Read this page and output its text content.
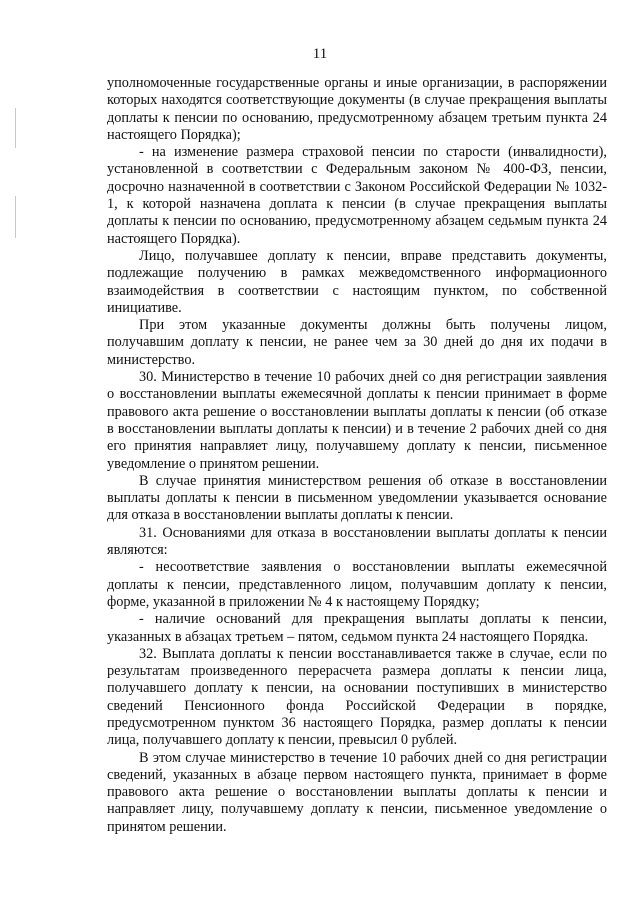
11

уполномоченные государственные органы и иные организации, в распоряжении которых находятся соответствующие документы (в случае прекращения выплаты доплаты к пенсии по основанию, предусмотренному абзацем третьим пункта 24 настоящего Порядка);

- на изменение размера страховой пенсии по старости (инвалидности), установленной в соответствии с Федеральным законом № 400-ФЗ, пенсии, досрочно назначенной в соответствии с Законом Российской Федерации № 1032-1, к которой назначена доплата к пенсии (в случае прекращения выплаты доплаты к пенсии по основанию, предусмотренному абзацем седьмым пункта 24 настоящего Порядка).

Лицо, получавшее доплату к пенсии, вправе представить документы, подлежащие получению в рамках межведомственного информационного взаимодействия в соответствии с настоящим пунктом, по собственной инициативе.

При этом указанные документы должны быть получены лицом, получавшим доплату к пенсии, не ранее чем за 30 дней до дня их подачи в министерство.

30. Министерство в течение 10 рабочих дней со дня регистрации заявления о восстановлении выплаты ежемесячной доплаты к пенсии принимает в форме правового акта решение о восстановлении выплаты доплаты к пенсии (об отказе в восстановлении выплаты доплаты к пенсии) и в течение 2 рабочих дней со дня его принятия направляет лицу, получавшему доплату к пенсии, письменное уведомление о принятом решении.

В случае принятия министерством решения об отказе в восстановлении выплаты доплаты к пенсии в письменном уведомлении указывается основание для отказа в восстановлении выплаты доплаты к пенсии.

31. Основаниями для отказа в восстановлении выплаты доплаты к пенсии являются:

- несоответствие заявления о восстановлении выплаты ежемесячной доплаты к пенсии, представленного лицом, получавшим доплату к пенсии, форме, указанной в приложении № 4 к настоящему Порядку;

- наличие оснований для прекращения выплаты доплаты к пенсии, указанных в абзацах третьем – пятом, седьмом пункта 24 настоящего Порядка.

32. Выплата доплаты к пенсии восстанавливается также в случае, если по результатам произведенного перерасчета размера доплаты к пенсии лица, получавшего доплату к пенсии, на основании поступивших в министерство сведений Пенсионного фонда Российской Федерации в порядке, предусмотренном пунктом 36 настоящего Порядка, размер доплаты к пенсии лица, получавшего доплату к пенсии, превысил 0 рублей.

В этом случае министерство в течение 10 рабочих дней со дня регистрации сведений, указанных в абзаце первом настоящего пункта, принимает в форме правового акта решение о восстановлении выплаты доплаты к пенсии и направляет лицу, получавшему доплату к пенсии, письменное уведомление о принятом решении.
